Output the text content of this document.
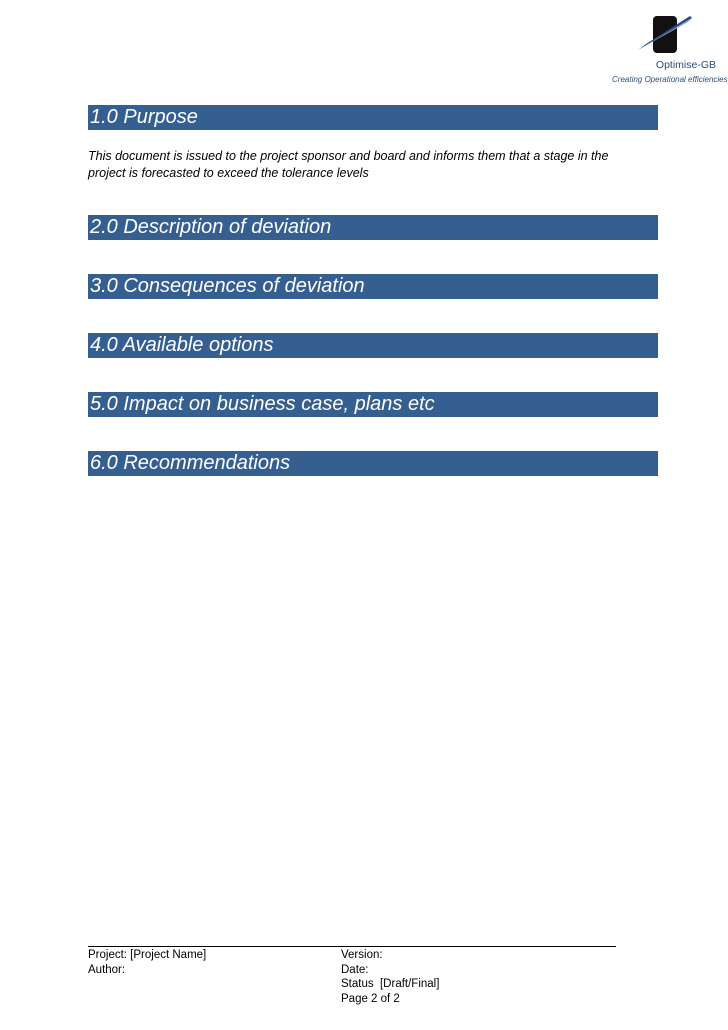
Optimise-GB
Creating Operational efficiencies
1.0 Purpose
This document is issued to the project sponsor and board and informs them that a stage in the project is forecasted to exceed the tolerance levels
2.0 Description of deviation
3.0 Consequences of deviation
4.0 Available options
5.0 Impact on business case, plans etc
6.0 Recommendations
Project: [Project Name]
Author:
Version:
Date:
Status  [Draft/Final]
Page 2 of 2
